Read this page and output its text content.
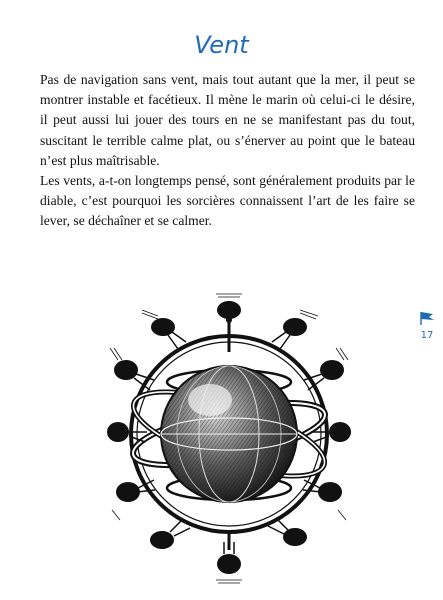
Vent

Pas de navigation sans vent, mais tout autant que la mer, il peut se montrer instable et facétieux. Il mène le marin où celui-ci le désire, il peut aussi lui jouer des tours en ne se manifestant pas du tout, suscitant le terrible calme plat, ou s’énerver au point que le bateau n’est plus maîtrisable.

Les vents, a-t-on longtemps pensé, sont généralement produits par le diable, c’est pourquoi les sorcières connaissent l’art de les faire se lever, se déchaîner et se calmer.

17
